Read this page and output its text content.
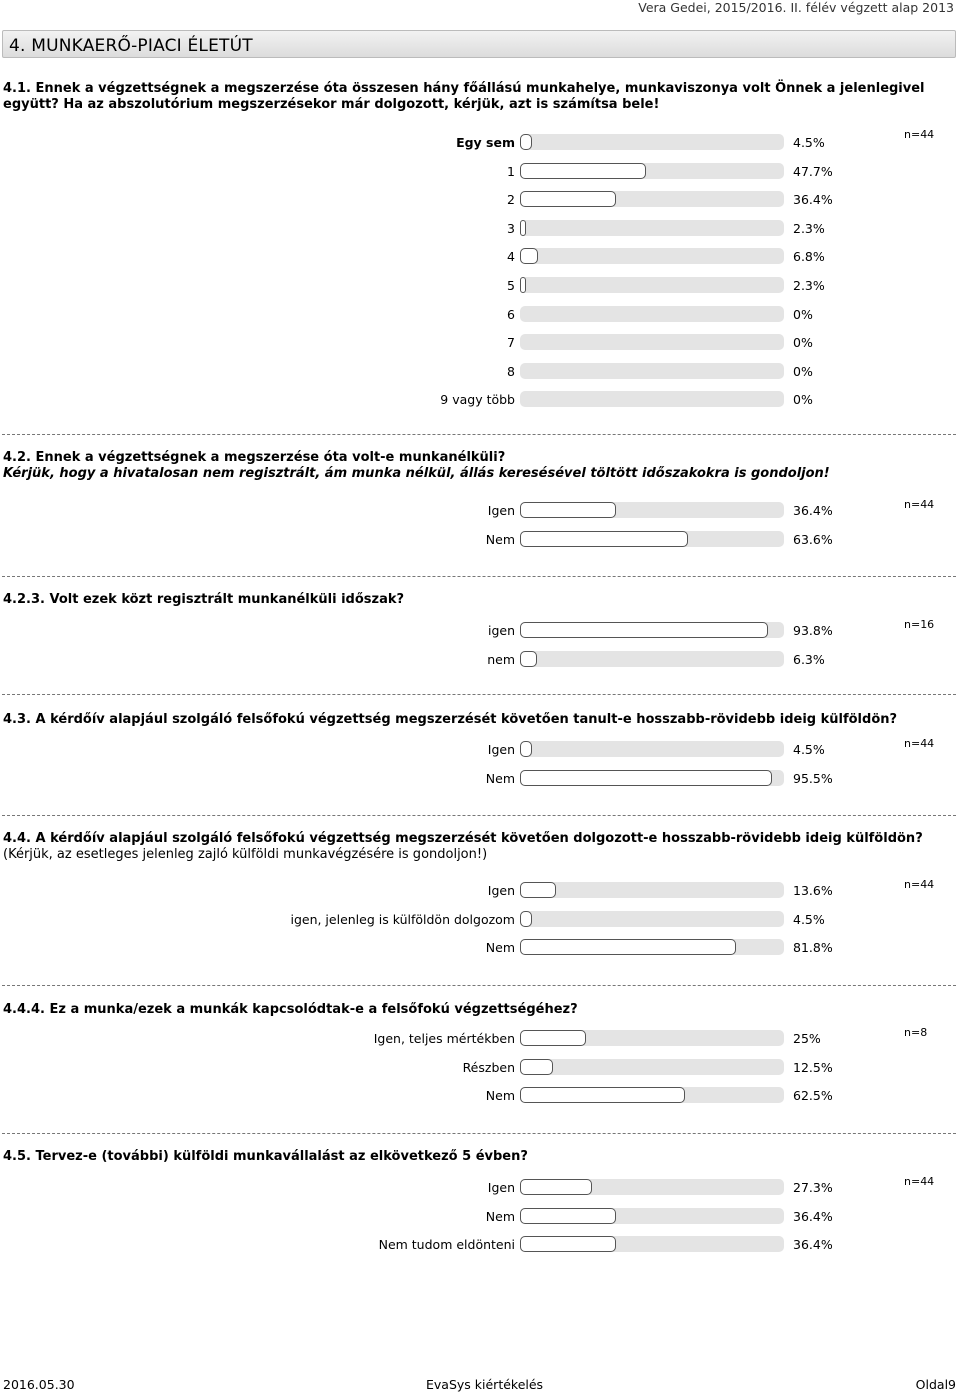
Vera Gedei, 2015/2016. II. félév végzett alap 2013
4. MUNKAERŐ-PIACI ÉLETÚT
4.1. Ennek a végzettségnek a megszerzése óta összesen hány főállású munkahelye, munkaviszonya volt Önnek a jelenlegivel együtt? Ha az abszolutórium megszerzésekor már dolgozott, kérjük, azt is számítsa bele!
n=44
Egy sem	4.5%
1	47.7%
2	36.4%
3	2.3%
4	6.8%
5	2.3%
6	0%
7	0%
8	0%
9 vagy több	0%
4.2. Ennek a végzettségnek a megszerzése óta volt-e munkanélküli?
Kérjük, hogy a hivatalosan nem regisztrált, ám munka nélkül, állás keresésével töltött időszakokra is gondoljon!
n=44
Igen	36.4%
Nem	63.6%
4.2.3. Volt ezek közt regisztrált munkanélküli időszak?
n=16
igen	93.8%
nem	6.3%
4.3. A kérdőív alapjául szolgáló felsőfokú végzettség megszerzését követően tanult-e hosszabb-rövidebb ideig külföldön?
n=44
Igen	4.5%
Nem	95.5%
4.4. A kérdőív alapjául szolgáló felsőfokú végzettség megszerzését követően dolgozott-e hosszabb-rövidebb ideig külföldön?
(Kérjük, az esetleges jelenleg zajló külföldi munkavégzésére is gondoljon!)
n=44
Igen	13.6%
igen, jelenleg is külföldön dolgozom	4.5%
Nem	81.8%
4.4.4. Ez a munka/ezek a munkák kapcsolódtak-e a felsőfokú végzettségéhez?
n=8
Igen, teljes mértékben	25%
Részben	12.5%
Nem	62.5%
4.5. Tervez-e (további) külföldi munkavállalást az elkövetkező 5 évben?
n=44
Igen	27.3%
Nem	36.4%
Nem tudom eldönteni	36.4%
2016.05.30	EvaSys kiértékelés	Oldal9
